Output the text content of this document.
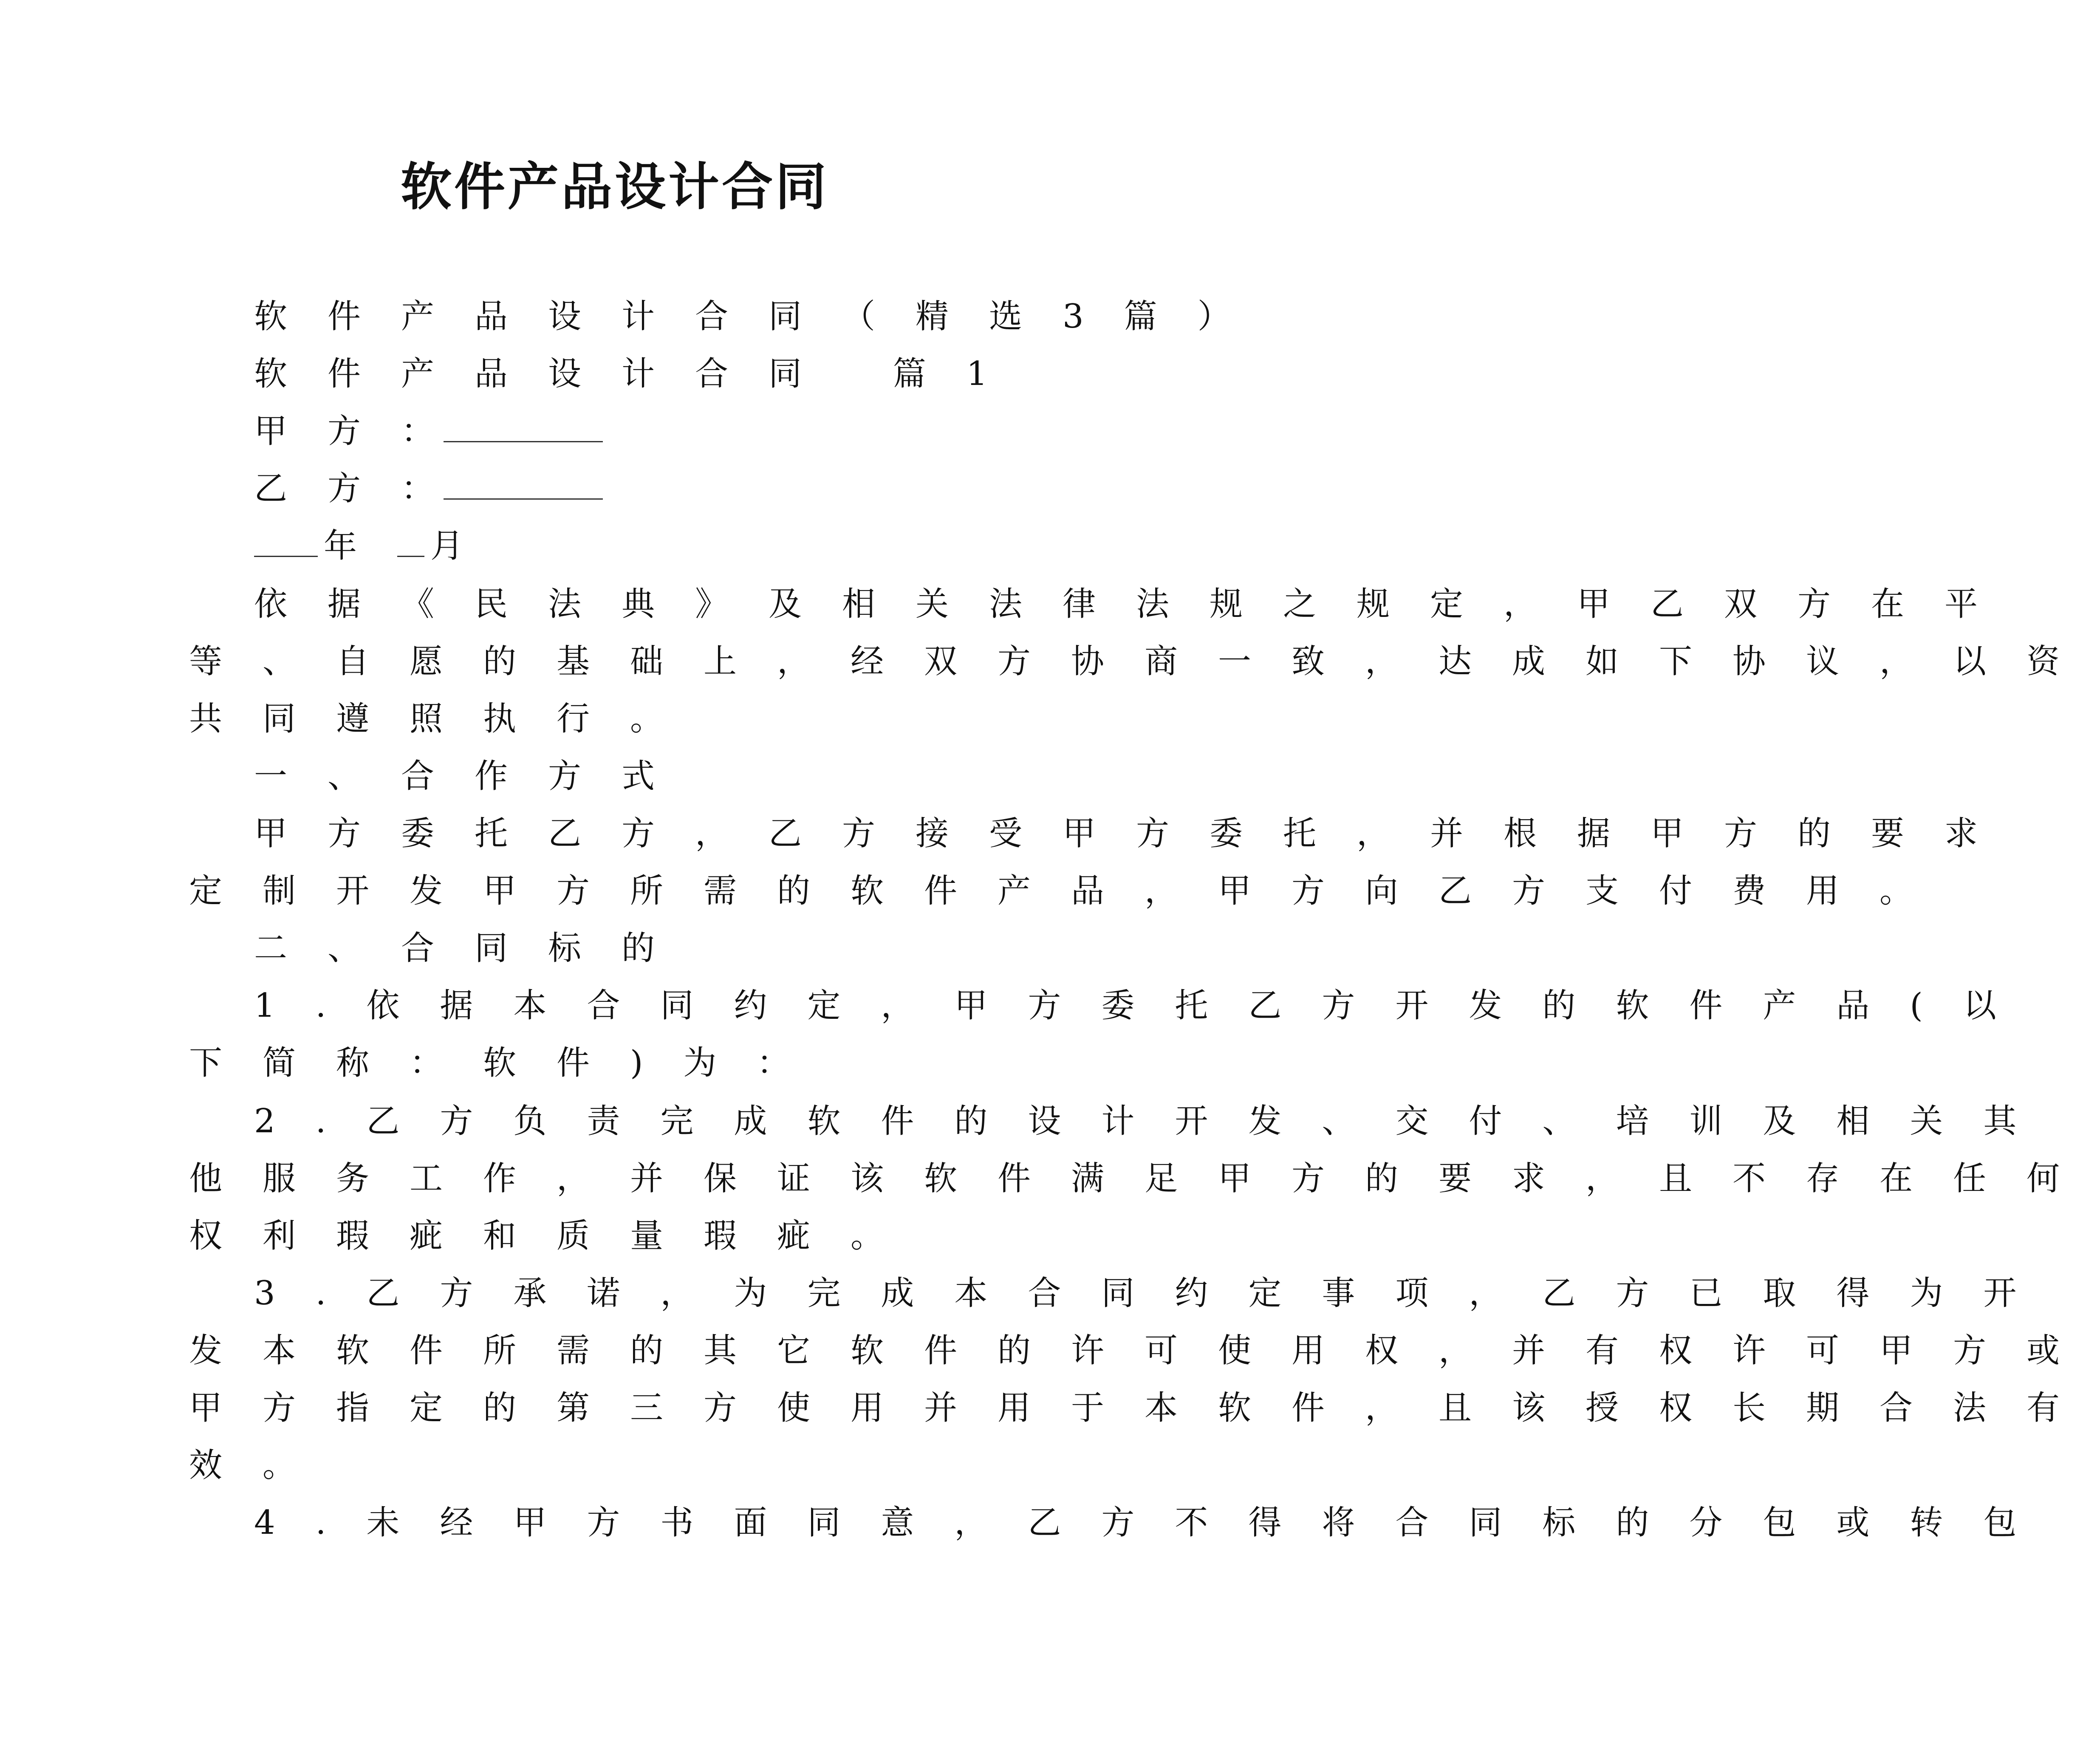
软件产品设计合同
软件产品设计合同（精选3篇）
软件产品设计合同 篇1
甲方：
乙方：
年 月
依据《民法典》及相关法律法规之规定，甲乙双方在平
等、自愿的基础上，经双方协商一致，达成如下协议，以资
共同遵照执行。
一、合作方式
甲方委托乙方，乙方接受甲方委托，并根据甲方的要求
定制开发甲方所需的软件产品，甲方向乙方支付费用。
二、合同标的
1.依据本合同约定，甲方委托乙方开发的软件产品(以
下简称：软件)为：
2.乙方负责完成软件的设计开发、交付、培训及相关其
他服务工作，并保证该软件满足甲方的要求，且不存在任何
权利瑕疵和质量瑕疵。
3.乙方承诺，为完成本合同约定事项，乙方已取得为开
发本软件所需的其它软件的许可使用权，并有权许可甲方或
甲方指定的第三方使用并用于本软件，且该授权长期合法有
效。
4.未经甲方书面同意，乙方不得将合同标的分包或转包
